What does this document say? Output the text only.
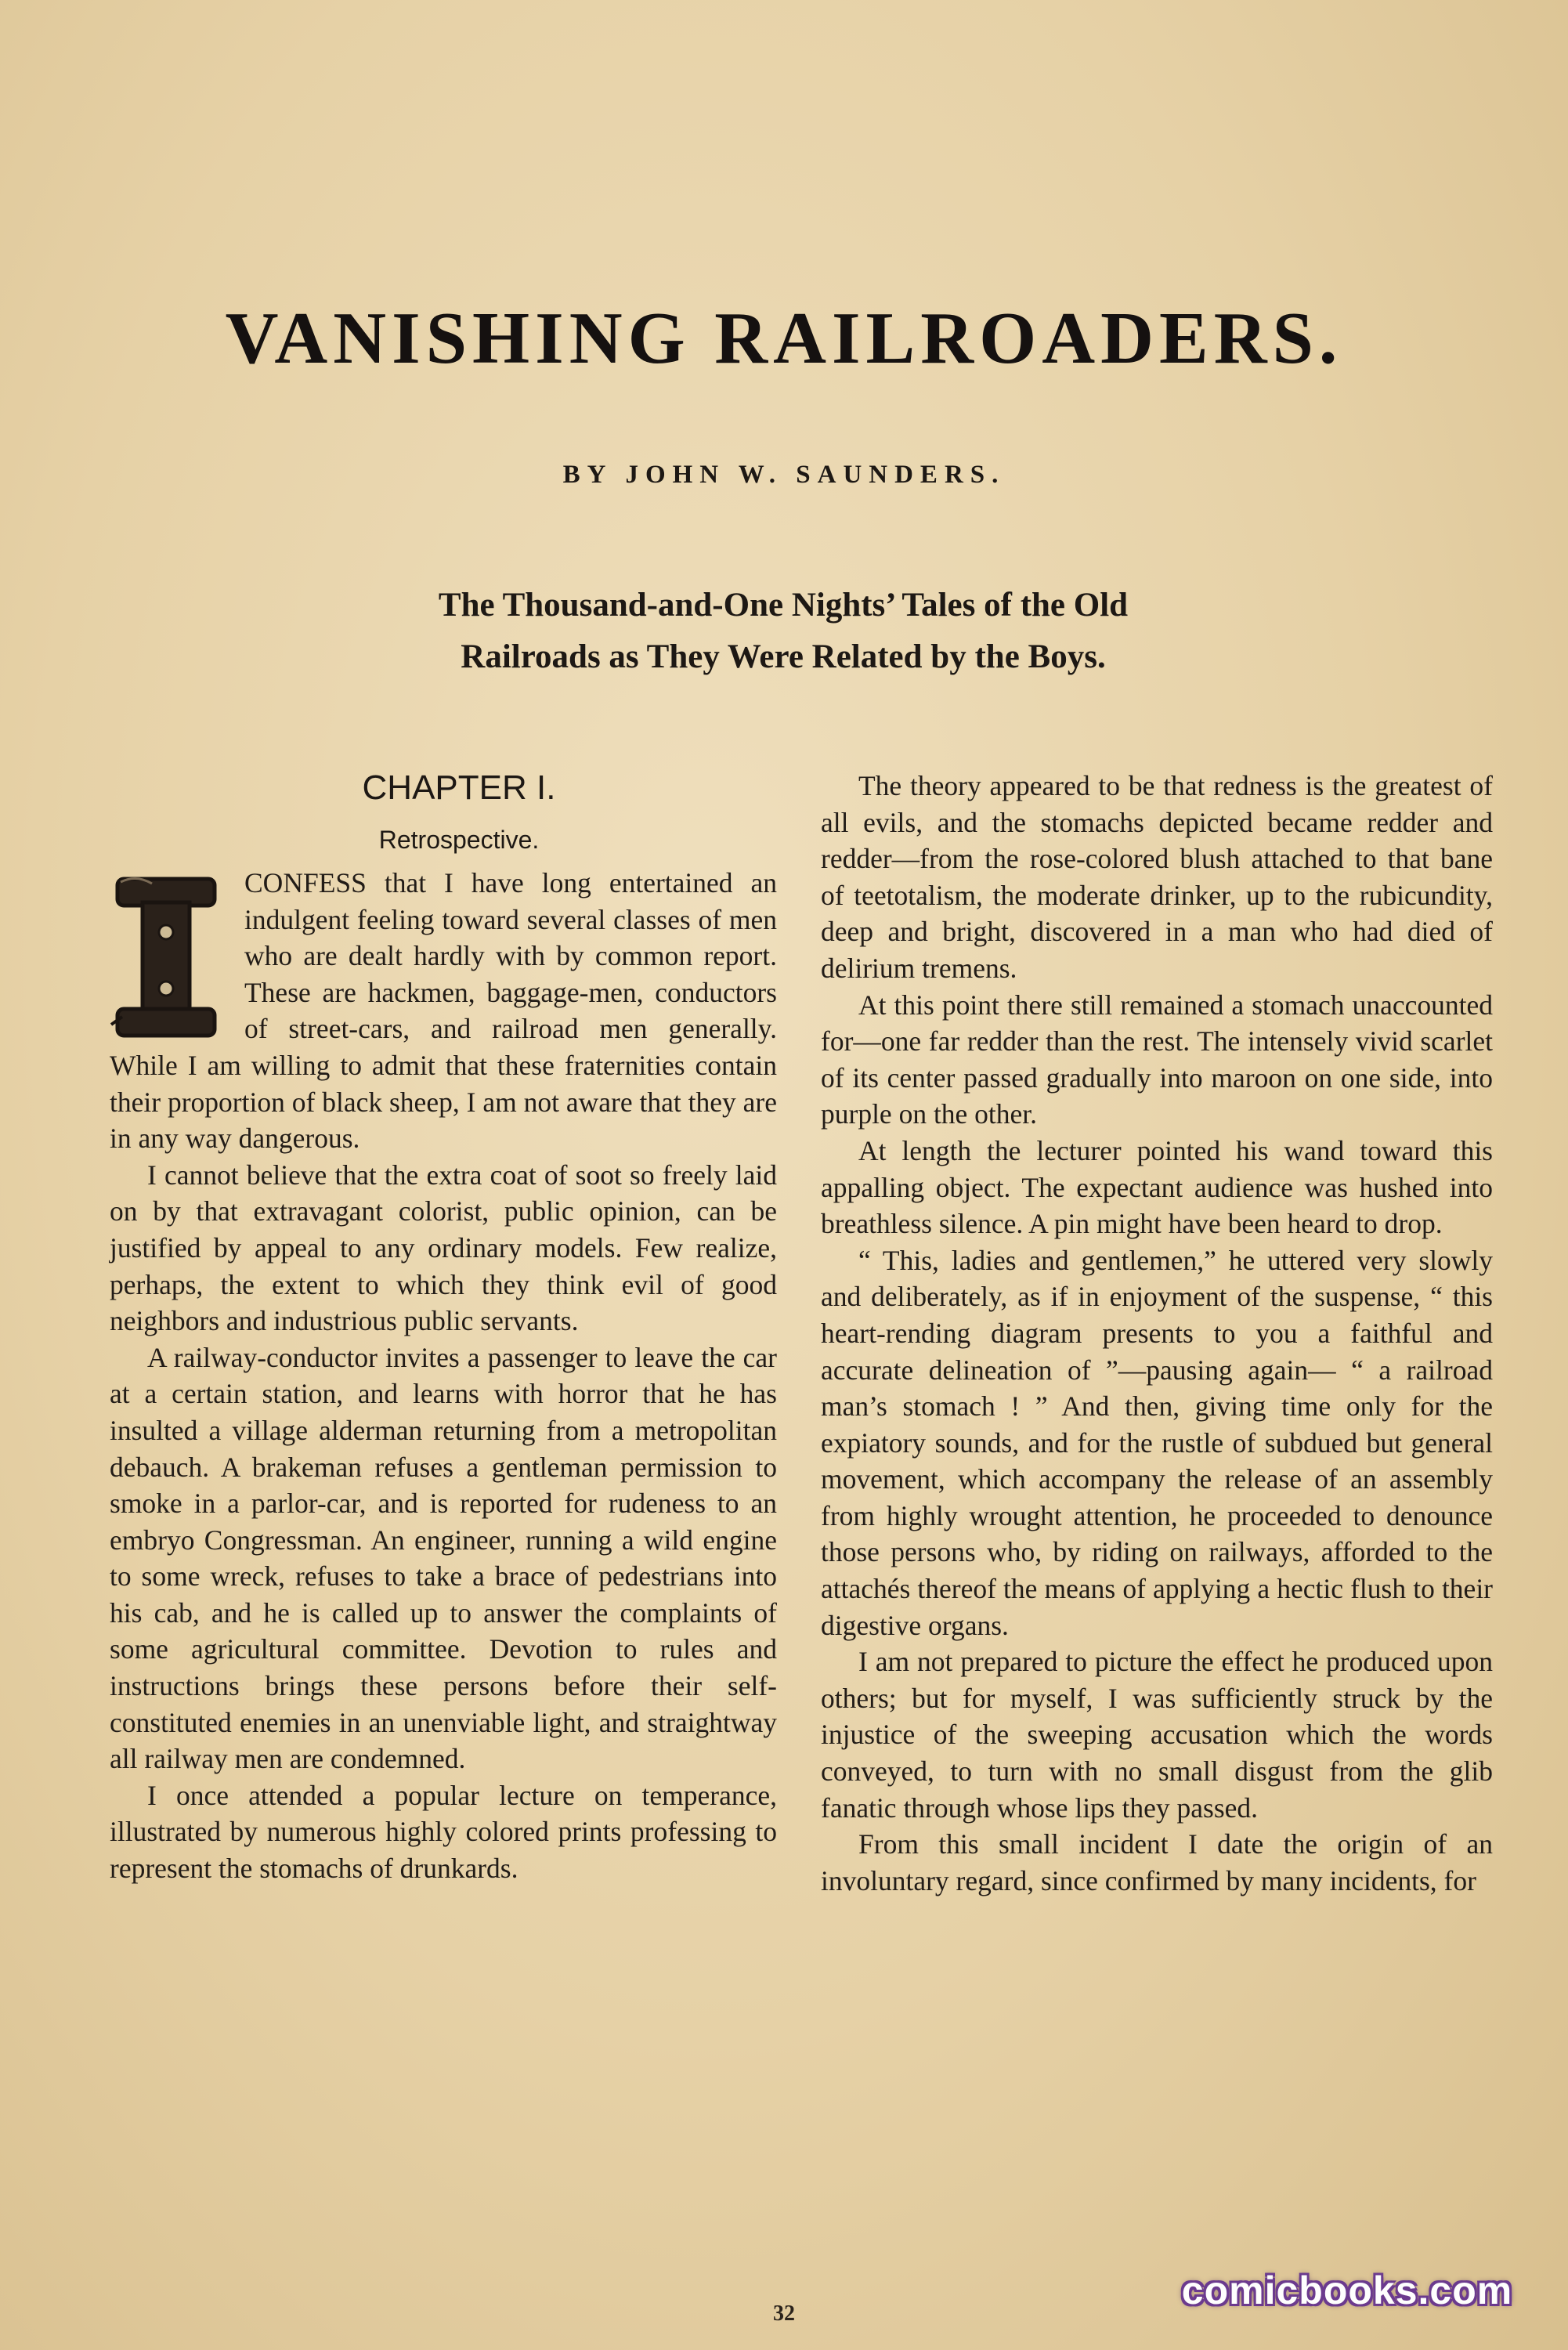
VANISHING RAILROADERS.
BY JOHN W. SAUNDERS.
The Thousand-and-One Nights’ Tales of the Old
Railroads as They Were Related by the Boys.
CHAPTER I.
Retrospective.

CONFESS that I have long entertained an indulgent feeling toward several classes of men who are dealt hardly with by common report. These are hackmen, baggage-men, conductors of street-cars, and railroad men generally. While I am willing to admit that these fraternities contain their proportion of black sheep, I am not aware that they are in any way dangerous.

I cannot believe that the extra coat of soot so freely laid on by that extravagant colorist, public opinion, can be justified by appeal to any ordinary models. Few realize, perhaps, the extent to which they think evil of good neighbors and industrious public servants.

A railway-conductor invites a passenger to leave the car at a certain station, and learns with horror that he has insulted a village alderman returning from a metropolitan debauch. A brakeman refuses a gentleman permission to smoke in a parlor-car, and is reported for rudeness to an embryo Congressman. An engineer, running a wild engine to some wreck, refuses to take a brace of pedestrians into his cab, and he is called up to answer the complaints of some agricultural committee. Devotion to rules and instructions brings these persons before their self-constituted enemies in an unenviable light, and straightway all railway men are condemned.

I once attended a popular lecture on temperance, illustrated by numerous highly colored prints professing to represent the stomachs of drunkards.

The theory appeared to be that redness is the greatest of all evils, and the stomachs depicted became redder and redder—from the rose-colored blush attached to that bane of teetotalism, the moderate drinker, up to the rubicundity, deep and bright, discovered in a man who had died of delirium tremens.

At this point there still remained a stomach unaccounted for—one far redder than the rest. The intensely vivid scarlet of its center passed gradually into maroon on one side, into purple on the other.

At length the lecturer pointed his wand toward this appalling object. The expectant audience was hushed into breathless silence. A pin might have been heard to drop.

“ This, ladies and gentlemen,” he uttered very slowly and deliberately, as if in enjoyment of the suspense, “ this heart-rending diagram presents to you a faithful and accurate delineation of ”—pausing again— “ a railroad man’s stomach ! ” And then, giving time only for the expiatory sounds, and for the rustle of subdued but general movement, which accompany the release of an assembly from highly wrought attention, he proceeded to denounce those persons who, by riding on railways, afforded to the attachés thereof the means of applying a hectic flush to their digestive organs.

I am not prepared to picture the effect he produced upon others; but for myself, I was sufficiently struck by the injustice of the sweeping accusation which the words conveyed, to turn with no small disgust from the glib fanatic through whose lips they passed.

From this small incident I date the origin of an involuntary regard, since confirmed by many incidents, for

32
comicbooks.com
